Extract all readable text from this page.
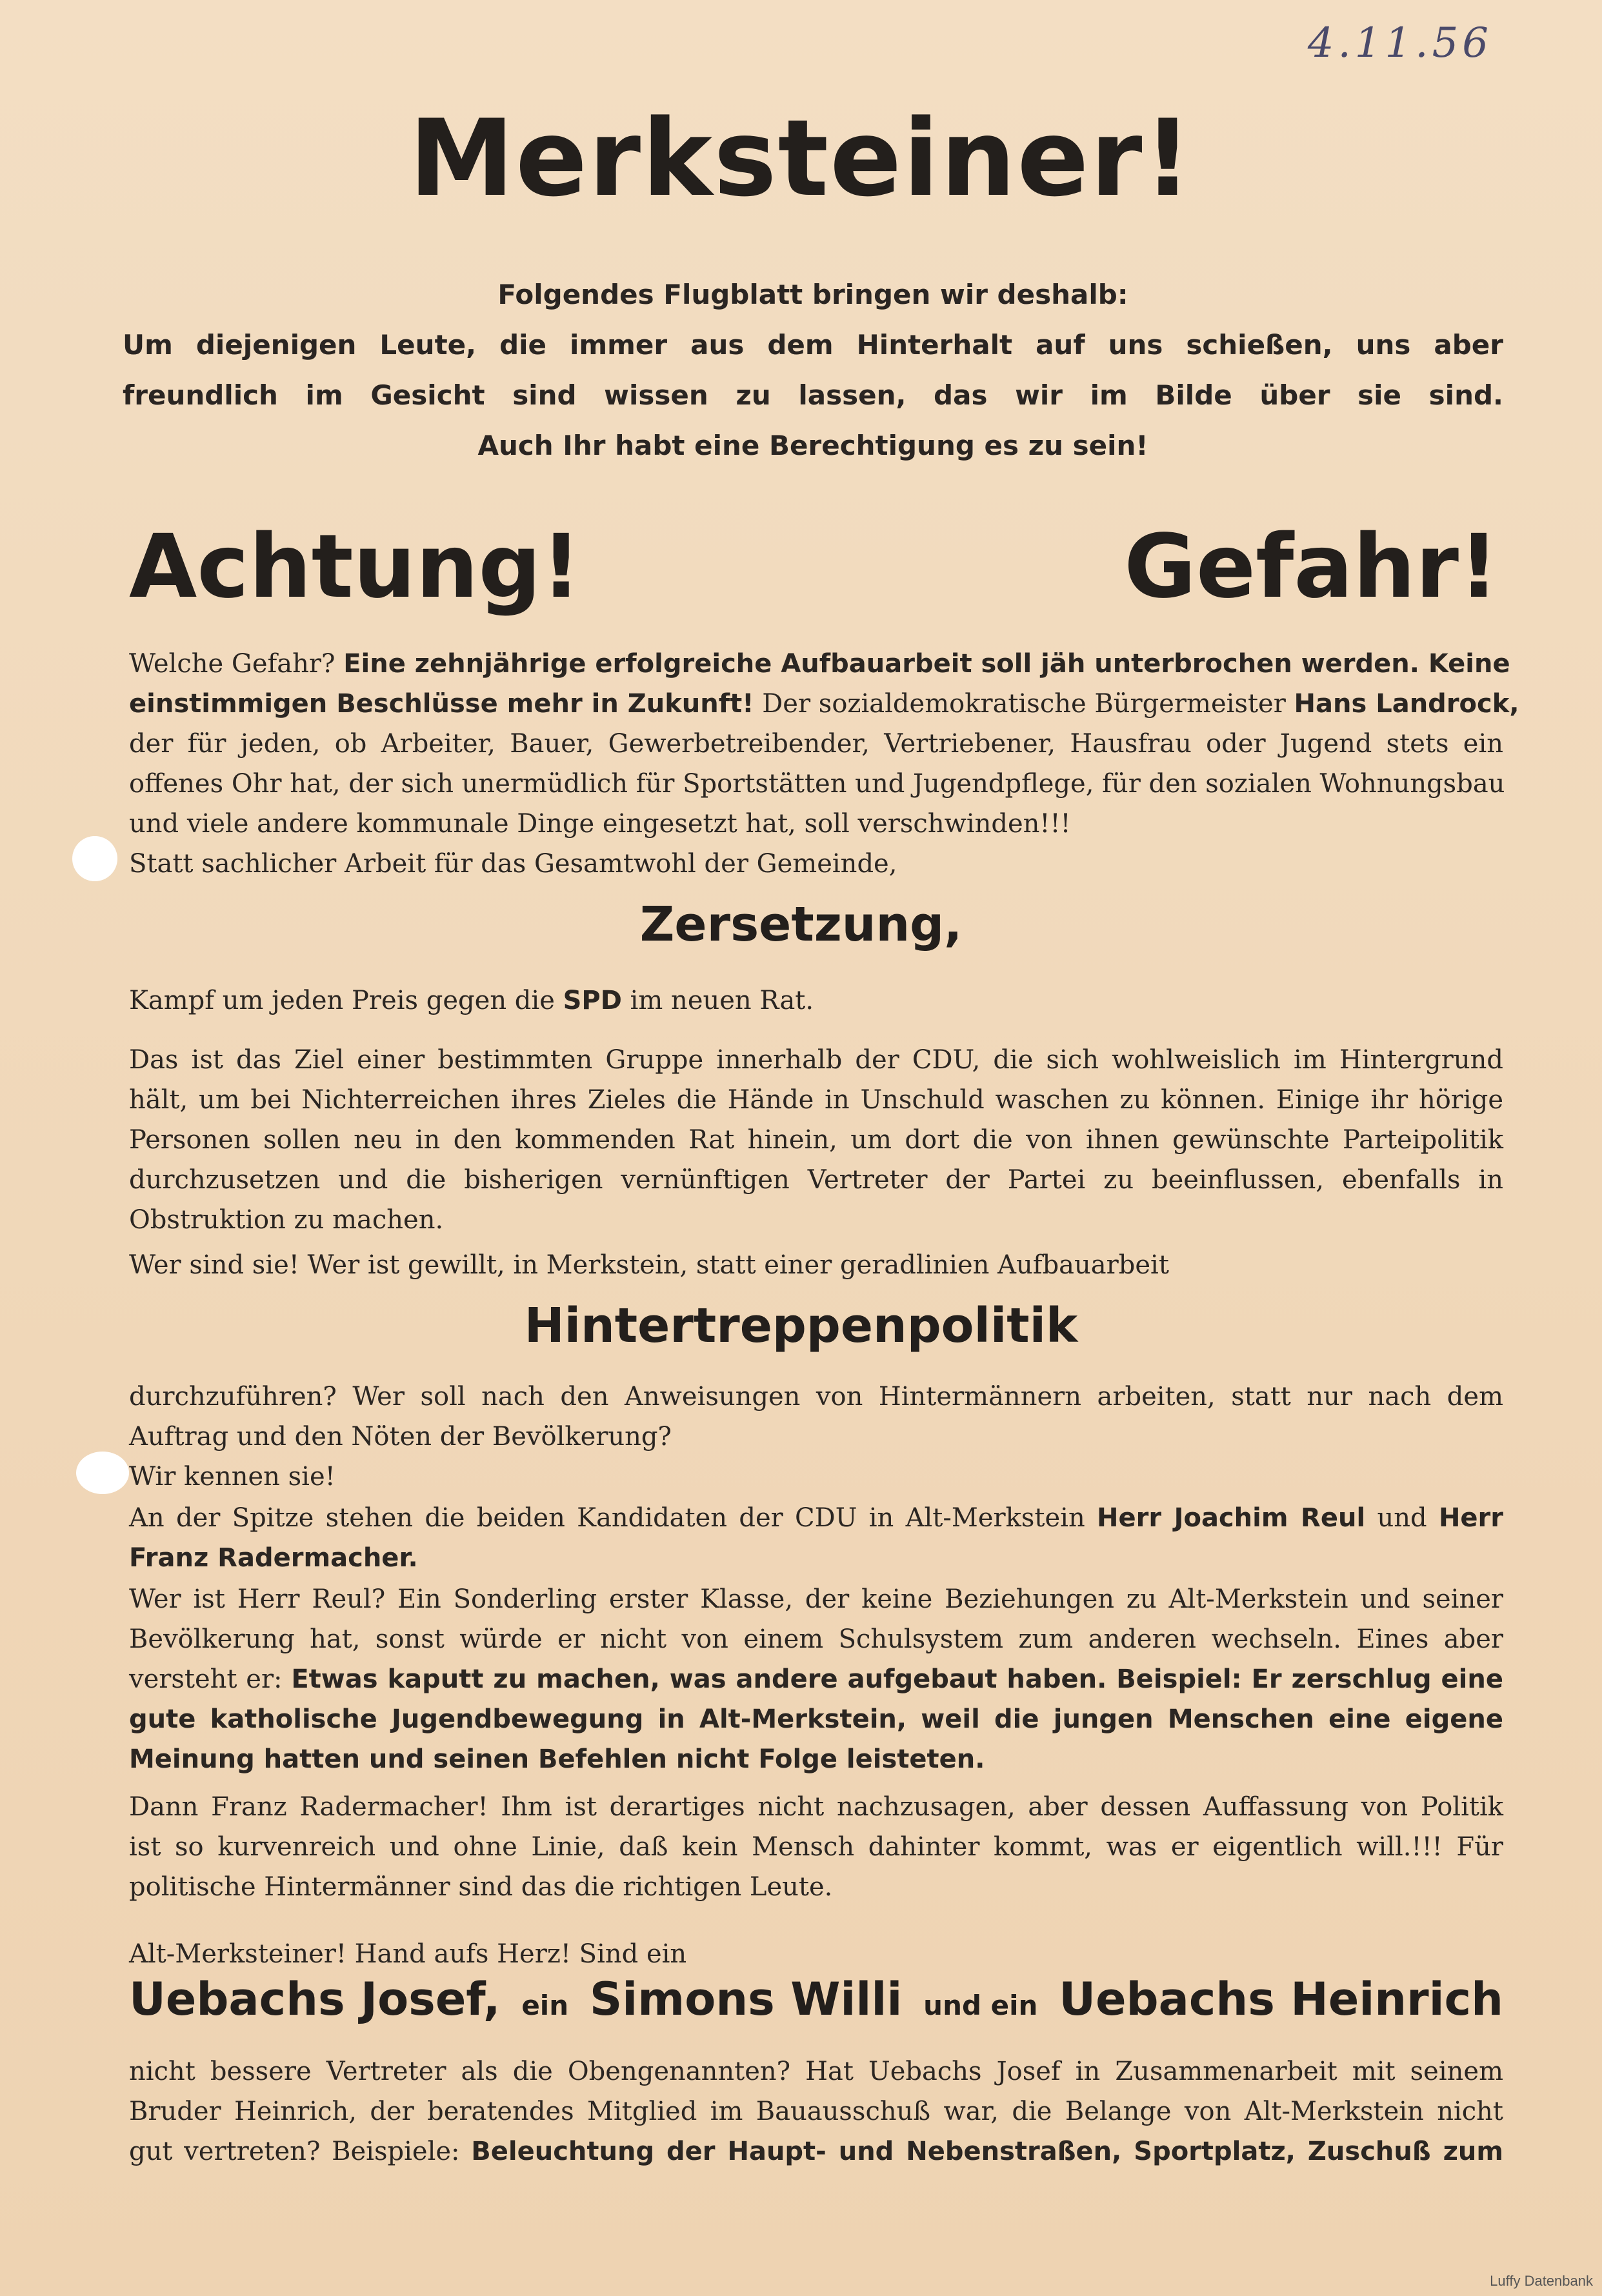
4.11.56
Merksteiner!
Folgendes Flugblatt bringen wir deshalb:
Um diejenigen Leute, die immer aus dem Hinterhalt auf uns schießen, uns aber
freundlich im Gesicht sind wissen zu lassen, das wir im Bilde über sie sind.
Auch Ihr habt eine Berechtigung es zu sein!
Achtung!	Gefahr!
Welche Gefahr? Eine zehnjährige erfolgreiche Aufbauarbeit soll jäh unterbrochen werden. Keine
einstimmigen Beschlüsse mehr in Zukunft! Der sozialdemokratische Bürgermeister Hans Landrock,
der für jeden, ob Arbeiter, Bauer, Gewerbetreibender, Vertriebener, Hausfrau oder Jugend stets ein
offenes Ohr hat, der sich unermüdlich für Sportstätten und Jugendpflege, für den sozialen Wohnungsbau
und viele andere kommunale Dinge eingesetzt hat, soll verschwinden!!!
Statt sachlicher Arbeit für das Gesamtwohl der Gemeinde,
Zersetzung,
Kampf um jeden Preis gegen die SPD im neuen Rat.
Das ist das Ziel einer bestimmten Gruppe innerhalb der CDU, die sich wohlweislich im Hintergrund
hält, um bei Nichterreichen ihres Zieles die Hände in Unschuld waschen zu können. Einige ihr hörige
Personen sollen neu in den kommenden Rat hinein, um dort die von ihnen gewünschte Parteipolitik
durchzusetzen und die bisherigen vernünftigen Vertreter der Partei zu beeinflussen, ebenfalls in
Obstruktion zu machen.
Wer sind sie! Wer ist gewillt, in Merkstein, statt einer geradlinien Aufbauarbeit
Hintertreppenpolitik
durchzuführen? Wer soll nach den Anweisungen von Hintermännern arbeiten, statt nur nach dem
Auftrag und den Nöten der Bevölkerung?
Wir kennen sie!
An der Spitze stehen die beiden Kandidaten der CDU in Alt-Merkstein Herr Joachim Reul und Herr
Franz Radermacher.
Wer ist Herr Reul? Ein Sonderling erster Klasse, der keine Beziehungen zu Alt-Merkstein und seiner
Bevölkerung hat, sonst würde er nicht von einem Schulsystem zum anderen wechseln. Eines aber
versteht er: Etwas kaputt zu machen, was andere aufgebaut haben. Beispiel: Er zerschlug eine
gute katholische Jugendbewegung in Alt-Merkstein, weil die jungen Menschen eine eigene
Meinung hatten und seinen Befehlen nicht Folge leisteten.
Dann Franz Radermacher! Ihm ist derartiges nicht nachzusagen, aber dessen Auffassung von Politik
ist so kurvenreich und ohne Linie, daß kein Mensch dahinter kommt, was er eigentlich will.!!! Für
politische Hintermänner sind das die richtigen Leute.
Alt-Merksteiner! Hand aufs Herz! Sind ein
Uebachs Josef, ein Simons Willi und ein Uebachs Heinrich
nicht bessere Vertreter als die Obengenannten? Hat Uebachs Josef in Zusammenarbeit mit seinem
Bruder Heinrich, der beratendes Mitglied im Bauausschuß war, die Belange von Alt-Merkstein nicht
gut vertreten? Beispiele: Beleuchtung der Haupt- und Nebenstraßen, Sportplatz, Zuschuß zum
Luffy Datenbank
